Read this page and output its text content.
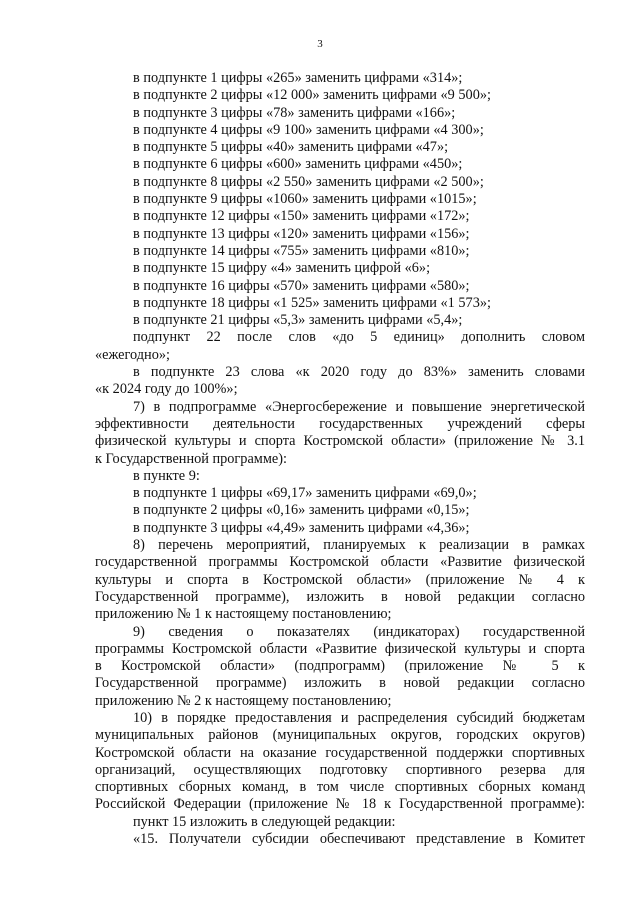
3
в подпункте 1 цифры «265» заменить цифрами «314»;
в подпункте 2 цифры «12 000» заменить цифрами «9 500»;
в подпункте 3 цифры «78» заменить цифрами «166»;
в подпункте 4 цифры «9 100» заменить цифрами «4 300»;
в подпункте 5 цифры «40» заменить цифрами «47»;
в подпункте 6 цифры «600» заменить цифрами «450»;
в подпункте 8 цифры «2 550» заменить цифрами «2 500»;
в подпункте 9 цифры «1060» заменить цифрами «1015»;
в подпункте 12 цифры «150» заменить цифрами «172»;
в подпункте 13 цифры «120» заменить цифрами «156»;
в подпункте 14 цифры «755» заменить цифрами «810»;
в подпункте 15 цифру «4» заменить цифрой «6»;
в подпункте 16 цифры «570» заменить цифрами «580»;
в подпункте 18 цифры «1 525» заменить цифрами «1 573»;
в подпункте 21 цифры «5,3» заменить цифрами «5,4»;
подпункт 22 после слов «до 5 единиц» дополнить словом
«ежегодно»;
в подпункте 23 слова «к 2020 году до 83%» заменить словами
«к 2024 году до 100%»;
7) в подпрограмме «Энергосбережение и повышение энергетической
эффективности деятельности государственных учреждений сферы
физической культуры и спорта Костромской области» (приложение № 3.1
к Государственной программе):
в пункте 9:
в подпункте 1 цифры «69,17» заменить цифрами «69,0»;
в подпункте 2 цифры «0,16» заменить цифрами «0,15»;
в подпункте 3 цифры «4,49» заменить цифрами «4,36»;
8) перечень мероприятий, планируемых к реализации в рамках
государственной программы Костромской области «Развитие физической
культуры и спорта в Костромской области» (приложение № 4 к
Государственной программе), изложить в новой редакции согласно
приложению № 1 к настоящему постановлению;
9) сведения о показателях (индикаторах) государственной
программы Костромской области «Развитие физической культуры и спорта
в Костромской области» (подпрограмм) (приложение № 5 к
Государственной программе) изложить в новой редакции согласно
приложению № 2 к настоящему постановлению;
10) в порядке предоставления и распределения субсидий бюджетам
муниципальных районов (муниципальных округов, городских округов)
Костромской области на оказание государственной поддержки спортивных
организаций, осуществляющих подготовку спортивного резерва для
спортивных сборных команд, в том числе спортивных сборных команд
Российской Федерации (приложение № 18 к Государственной программе):
пункт 15 изложить в следующей редакции:
«15. Получатели субсидии обеспечивают представление в Комитет
